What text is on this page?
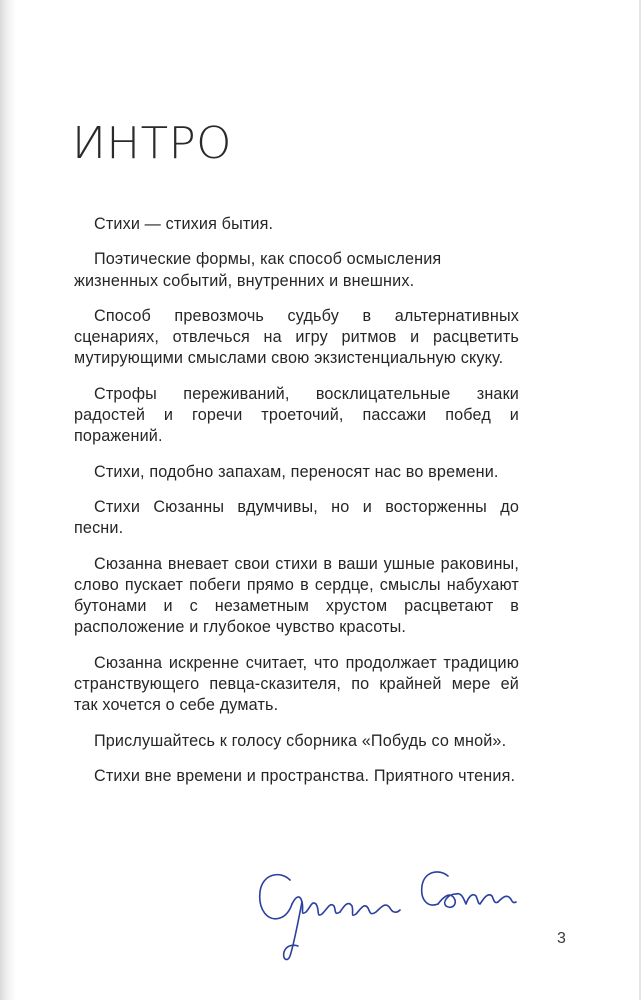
ИНТРО

Стихи — стихия бытия.

Поэтические формы, как способ осмысления жизненных событий, внутренних и внешних.

Способ превозмочь судьбу в альтернативных сценариях, отвлечься на игру ритмов и расцветить мутирующими смыслами свою экзистенциальную скуку.

Строфы переживаний, восклицательные знаки радостей и горечи троеточий, пассажи побед и поражений.

Стихи, подобно запахам, переносят нас во времени.

Стихи Сюзанны вдумчивы, но и восторженны до песни.

Сюзанна вневает свои стихи в ваши ушные раковины, слово пускает побеги прямо в сердце, смыслы набухают бутонами и с незаметным хрустом расцветают в расположение и глубокое чувство красоты.

Сюзанна искренне считает, что продолжает традицию странствующего певца-сказителя, по крайней мере ей так хочется о себе думать.

Прислушайтесь к голосу сборника «Побудь со мной».

Стихи вне времени и пространства. Приятного чтения.

3
